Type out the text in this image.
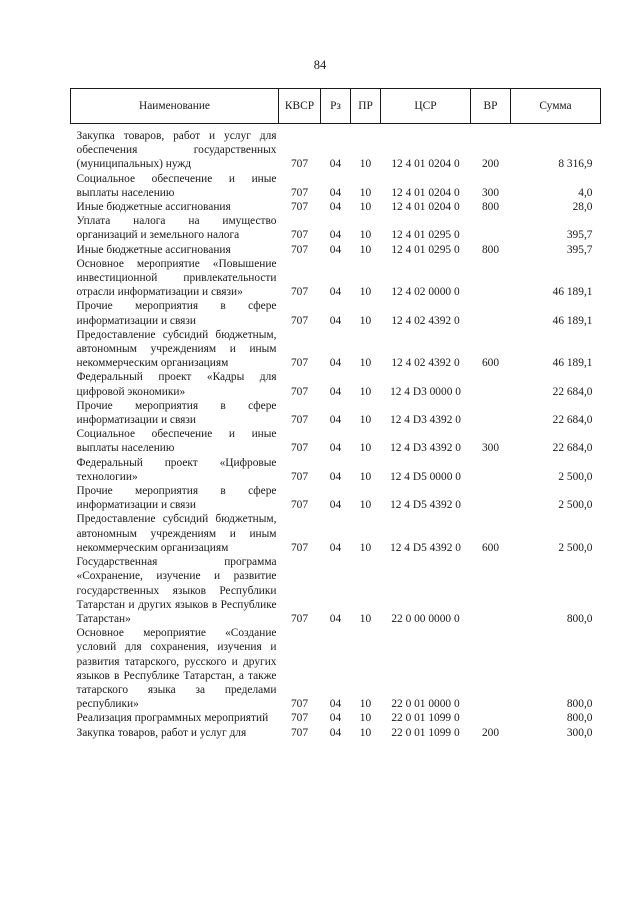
84
Наименование	КВСР	Рз	ПР	ЦСР	ВР	Сумма
Закупка товаров, работ и услуг для обеспечения государственных (муниципальных) нужд	707	04	10	12 4 01 0204 0	200	8 316,9
Социальное обеспечение и иные выплаты населению	707	04	10	12 4 01 0204 0	300	4,0
Иные бюджетные ассигнования	707	04	10	12 4 01 0204 0	800	28,0
Уплата налога на имущество организаций и земельного налога	707	04	10	12 4 01 0295 0		395,7
Иные бюджетные ассигнования	707	04	10	12 4 01 0295 0	800	395,7
Основное мероприятие «Повышение инвестиционной привлекательности отрасли информатизации и связи»	707	04	10	12 4 02 0000 0		46 189,1
Прочие мероприятия в сфере информатизации и связи	707	04	10	12 4 02 4392 0		46 189,1
Предоставление субсидий бюджетным, автономным учреждениям и иным некоммерческим организациям	707	04	10	12 4 02 4392 0	600	46 189,1
Федеральный проект «Кадры для цифровой экономики»	707	04	10	12 4 D3 0000 0		22 684,0
Прочие мероприятия в сфере информатизации и связи	707	04	10	12 4 D3 4392 0		22 684,0
Социальное обеспечение и иные выплаты населению	707	04	10	12 4 D3 4392 0	300	22 684,0
Федеральный проект «Цифровые технологии»	707	04	10	12 4 D5 0000 0		2 500,0
Прочие мероприятия в сфере информатизации и связи	707	04	10	12 4 D5 4392 0		2 500,0
Предоставление субсидий бюджетным, автономным учреждениям и иным некоммерческим организациям	707	04	10	12 4 D5 4392 0	600	2 500,0
Государственная программа «Сохранение, изучение и развитие государственных языков Республики Татарстан и других языков в Республике Татарстан»	707	04	10	22 0 00 0000 0		800,0
Основное мероприятие «Создание условий для сохранения, изучения и развития татарского, русского и других языков в Республике Татарстан, а также татарского языка за пределами республики»	707	04	10	22 0 01 0000 0		800,0
Реализация программных мероприятий	707	04	10	22 0 01 1099 0		800,0
Закупка товаров, работ и услуг для	707	04	10	22 0 01 1099 0	200	300,0
